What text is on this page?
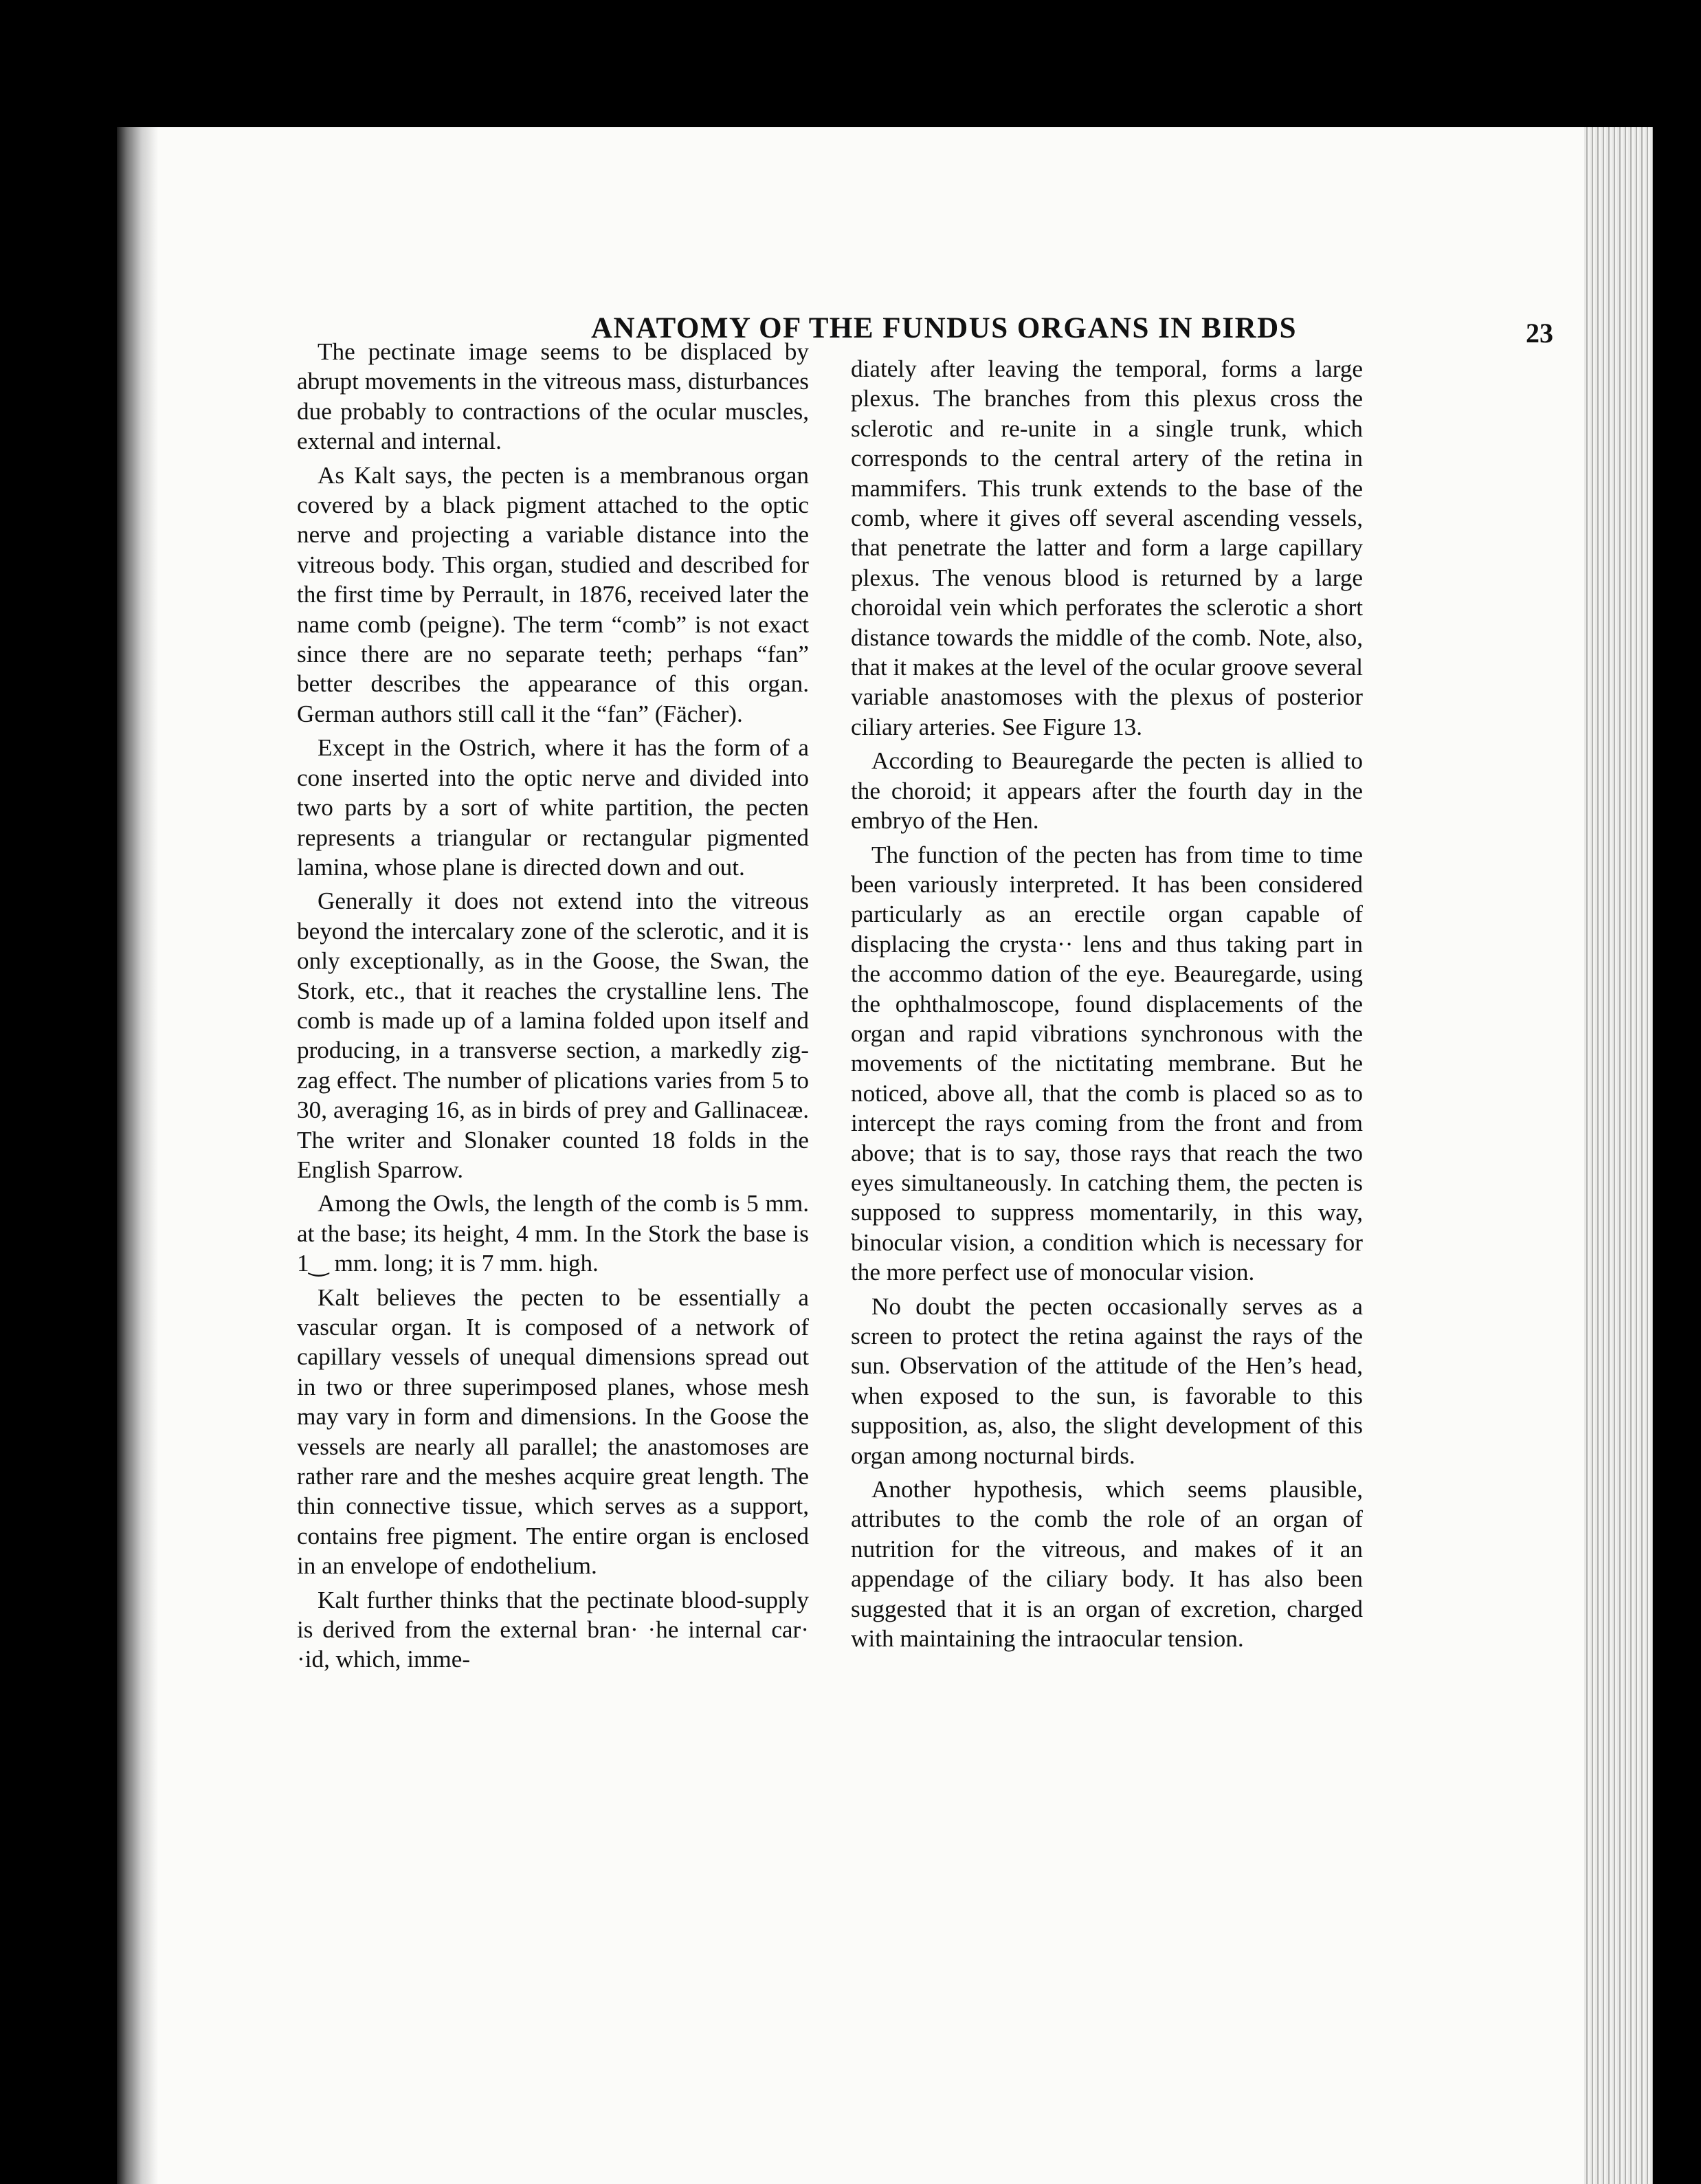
ANATOMY OF THE FUNDUS ORGANS IN BIRDS	23

The pectinate image seems to be displaced by abrupt movements in the vitreous mass, disturbances due probably to contractions of the ocular muscles, external and internal.

As Kalt says, the pecten is a membranous organ covered by a black pigment attached to the optic nerve and projecting a variable distance into the vitreous body. This organ, studied and described for the first time by Perrault, in 1876, received later the name comb (peigne). The term “comb” is not exact since there are no separate teeth; perhaps “fan” better describes the appearance of this organ. German authors still call it the “fan” (Fächer).

Except in the Ostrich, where it has the form of a cone inserted into the optic nerve and divided into two parts by a sort of white partition, the pecten represents a triangular or rectangular pigmented lamina, whose plane is directed down and out.

Generally it does not extend into the vitreous beyond the intercalary zone of the sclerotic, and it is only exceptionally, as in the Goose, the Swan, the Stork, etc., that it reaches the crystalline lens. The comb is made up of a lamina folded upon itself and producing, in a transverse section, a markedly zig-zag effect. The number of plications varies from 5 to 30, averaging 16, as in birds of prey and Gallinaceæ. The writer and Slonaker counted 18 folds in the English Sparrow.

Among the Owls, the length of the comb is 5 mm. at the base; its height, 4 mm. In the Stork the base is 1‿ mm. long; it is 7 mm. high.

Kalt believes the pecten to be essentially a vascular organ. It is composed of a network of capillary vessels of unequal dimensions spread out in two or three superimposed planes, whose mesh may vary in form and dimensions. In the Goose the vessels are nearly all parallel; the anastomoses are rather rare and the meshes acquire great length. The thin connective tissue, which serves as a support, contains free pigment. The entire organ is enclosed in an envelope of endothelium.

Kalt further thinks that the pectinate blood-supply is derived from the external bran· ·he internal car· ·id, which, imme-

diately after leaving the temporal, forms a large plexus. The branches from this plexus cross the sclerotic and re-unite in a single trunk, which corresponds to the central artery of the retina in mammifers. This trunk extends to the base of the comb, where it gives off several ascending vessels, that penetrate the latter and form a large capillary plexus. The venous blood is returned by a large choroidal vein which perforates the sclerotic a short distance towards the middle of the comb. Note, also, that it makes at the level of the ocular groove several variable anastomoses with the plexus of posterior ciliary arteries. See Figure 13.

According to Beauregarde the pecten is allied to the choroid; it appears after the fourth day in the embryo of the Hen.

The function of the pecten has from time to time been variously interpreted. It has been considered particularly as an erectile organ capable of displacing the crysta·· lens and thus taking part in the accommo dation of the eye. Beauregarde, using the ophthalmoscope, found displacements of the organ and rapid vibrations synchronous with the movements of the nictitating membrane. But he noticed, above all, that the comb is placed so as to intercept the rays coming from the front and from above; that is to say, those rays that reach the two eyes simultaneously. In catching them, the pecten is supposed to suppress momentarily, in this way, binocular vision, a condition which is necessary for the more perfect use of monocular vision.

No doubt the pecten occasionally serves as a screen to protect the retina against the rays of the sun. Observation of the attitude of the Hen’s head, when exposed to the sun, is favorable to this supposition, as, also, the slight development of this organ among nocturnal birds.

Another hypothesis, which seems plausible, attributes to the comb the role of an organ of nutrition for the vitreous, and makes of it an appendage of the ciliary body. It has also been suggested that it is an organ of excretion, charged with maintaining the intraocular tension.
